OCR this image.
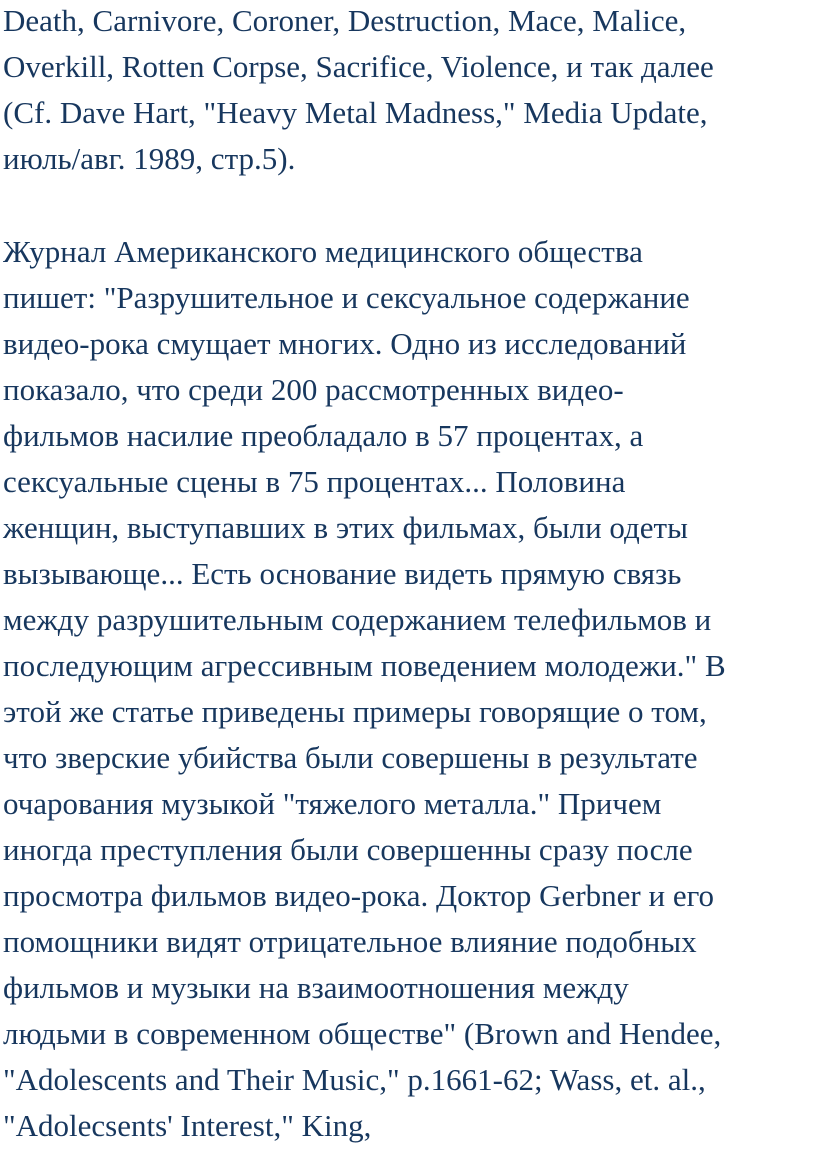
Death, Carnivore, Coroner, Destruction, Mace, Malice,
Overkill, Rotten Corpse, Sacrifice, Violence, и так далее
(Cf. Dave Hart, "Heavy Metal Madness," Media Update,
июль/авг. 1989, стр.5).
Журнал Американского медицинского общества
пишет: "Разрушительное и сексуальное содержание
видео-рока смущает многих. Одно из исследований
показало, что среди 200 рассмотренных видео-
фильмов насилие преобладало в 57 процентах, а
сексуальные сцены в 75 процентах... Половина
женщин, выступавших в этих фильмах, были одеты
вызывающе... Есть основание видеть прямую связь
между разрушительным содержанием телефильмов и
последующим агрессивным поведением молодежи." В
этой же статье приведены примеры говорящие о том,
что зверские убийства были совершены в результате
очарования музыкой "тяжелого металла." Причем
иногда преступления были совершенны сразу после
просмотра фильмов видео-рока. Доктор Gerbner и его
помощники видят отрицательное влияние подобных
фильмов и музыки на взаимоотношения между
людьми в современном обществе" (Brown and Hendee,
"Adolescents and Their Music," p.1661-62; Wass, et. al.,
"Adolecsents' Interest," King,
